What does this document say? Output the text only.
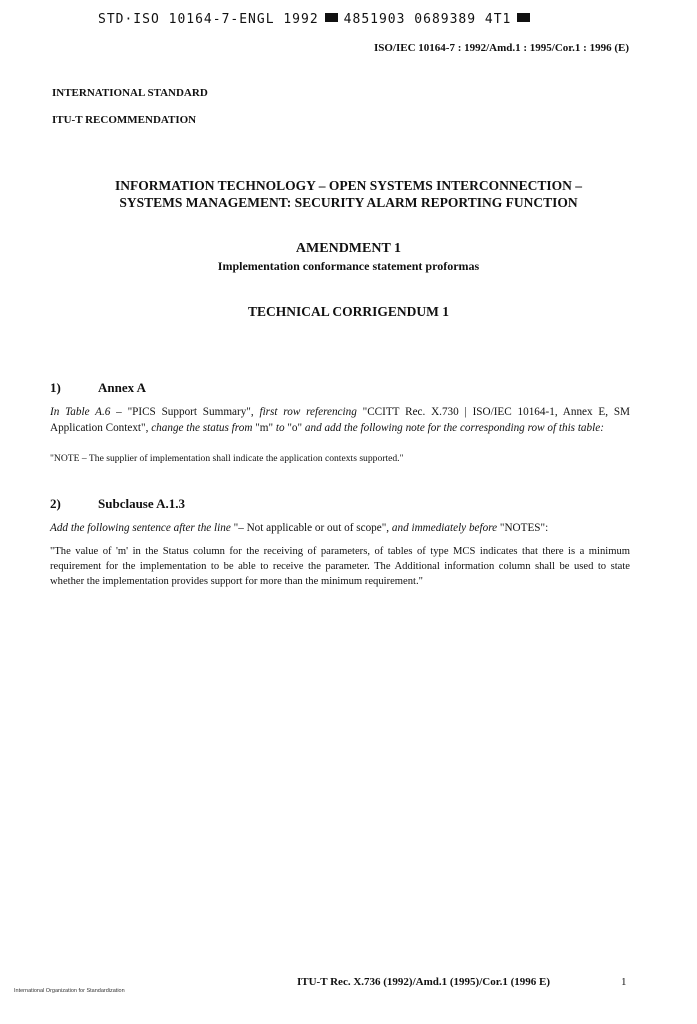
STD·ISO 10164-7-ENGL 1992 4851903 0689389 4T1
ISO/IEC 10164-7 : 1992/Amd.1 : 1995/Cor.1 : 1996 (E)
INTERNATIONAL STANDARD
ITU-T RECOMMENDATION
INFORMATION TECHNOLOGY – OPEN SYSTEMS INTERCONNECTION –
SYSTEMS MANAGEMENT: SECURITY ALARM REPORTING FUNCTION
AMENDMENT 1
Implementation conformance statement proformas
TECHNICAL CORRIGENDUM 1
1)	Annex A
In Table A.6 – "PICS Support Summary", first row referencing "CCITT Rec. X.730 | ISO/IEC 10164-1, Annex E, SM Application Context", change the status from "m" to "o" and add the following note for the corresponding row of this table:
"NOTE – The supplier of implementation shall indicate the application contexts supported."
2)	Subclause A.1.3
Add the following sentence after the line "– Not applicable or out of scope", and immediately before "NOTES":
"The value of 'm' in the Status column for the receiving of parameters, of tables of type MCS indicates that there is a minimum requirement for the implementation to be able to receive the parameter. The Additional information column shall be used to state whether the implementation provides support for more than the minimum requirement."
International Organization for Standardization
ITU-T Rec. X.736 (1992)/Amd.1 (1995)/Cor.1 (1996 E)	1
